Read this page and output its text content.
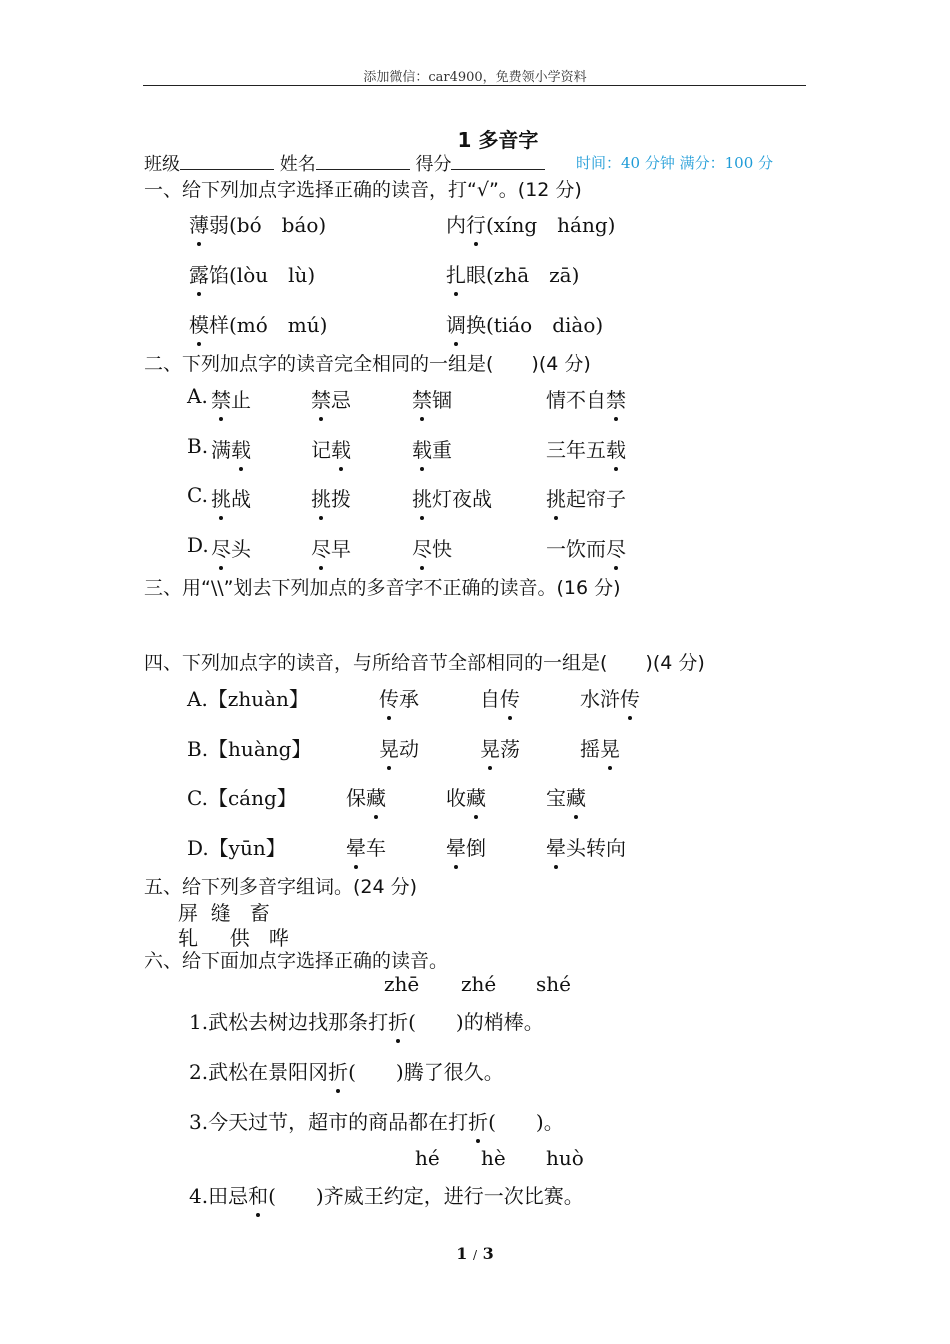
添加微信：car4900，免费领小学资料
1 多音字
班级	姓名	得分	时间：40 分钟 满分：100 分
一、给下列加点字选择正确的读音，打“√”。(12 分)
薄弱(bó　báo)	内行(xíng　háng)
露馅(lòu　lù)	扎眼(zhā　zā)
模样(mó　mú)	调换(tiáo　diào)
二、下列加点字的读音完全相同的一组是(　　)(4 分)
A. 禁止	禁忌	禁锢	情不自禁
B. 满载	记载	载重	三年五载
C. 挑战	挑拨	挑灯夜战	挑起帘子
D. 尽头	尽早	尽快	一饮而尽
三、用“\\”划去下列加点的多音字不正确的读音。(16 分)
四、下列加点字的读音，与所给音节全部相同的一组是(　　)(4 分)
A.【zhuàn】	传承	自传	水浒传
B.【huàng】	晃动	晃荡	摇晃
C.【cáng】 保藏	收藏	宝藏
D.【yūn】	晕车	晕倒	晕头转向
五、给下列多音字组词。(24 分)
屏  缝   畜
轧     供   哗
六、给下面加点字选择正确的读音。
zhē zhé shé
1.武松去树边找那条打折(　　)的梢棒。
2.武松在景阳冈折(　　)腾了很久。
3.今天过节，超市的商品都在打折(　　)。
hé hè huò
4.田忌和(　　)齐威王约定，进行一次比赛。
1 / 3
